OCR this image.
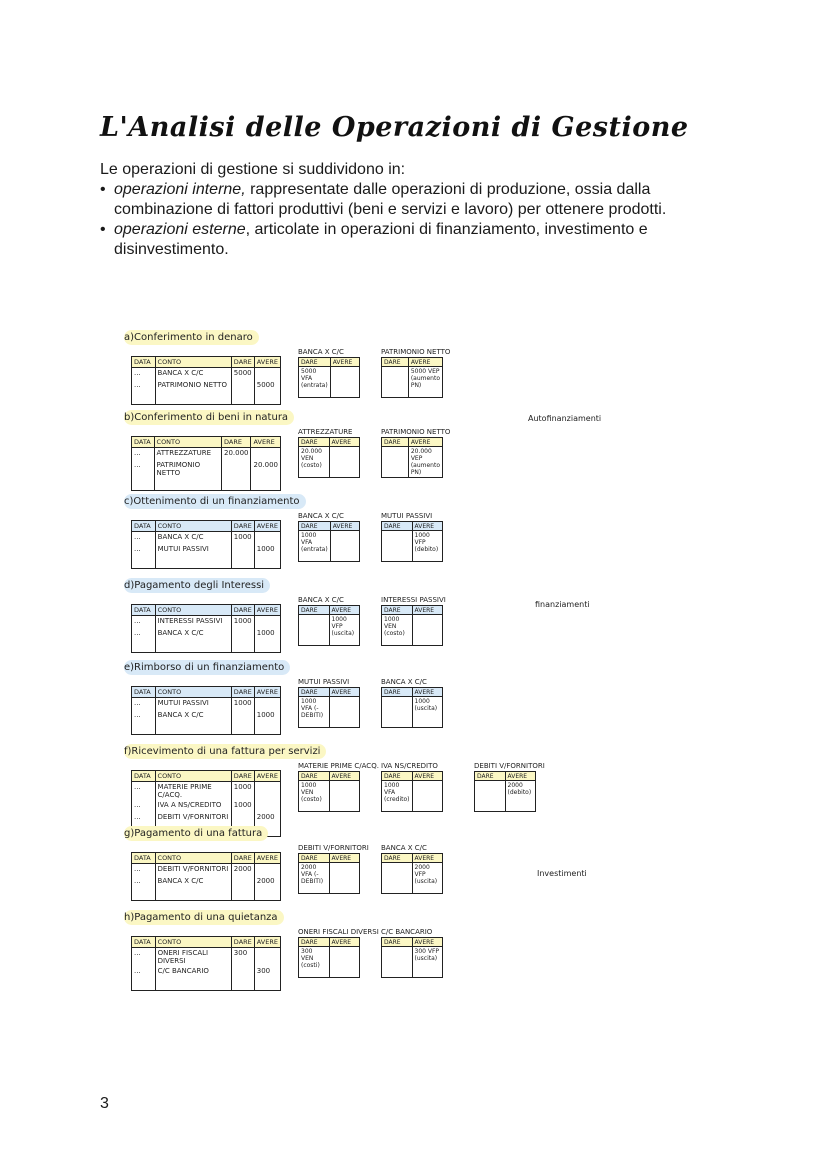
L'Analisi delle Operazioni di Gestione
Le operazioni di gestione si suddividono in:
• operazioni interne, rappresentate dalle operazioni di produzione, ossia dalla combinazione di fattori produttivi (beni e servizi e lavoro) per ottenere prodotti.
• operazioni esterne, articolate in operazioni di finanziamento, investimento e disinvestimento.
a)Conferimento in denaro
DATA	CONTO	DARE	AVERE
...	BANCA X C/C	5000	
...	PATRIMONIO NETTO		5000

BANCA X C/C
DARE	AVERE
5000 VFA (entrata)	
PATRIMONIO NETTO
DARE	AVERE
	5000 VEP (aumento PN)
b)Conferimento di beni in natura
DATA	CONTO	DARE	AVERE
...	ATTREZZATURE	20.000	
...	PATRIMONIO NETTO		20.000

ATTREZZATURE
DARE	AVERE
20.000 VEN (costo)	
PATRIMONIO NETTO
DARE	AVERE
	20.000 VEP (aumento PN)
c)Ottenimento di un finanziamento
DATA	CONTO	DARE	AVERE
...	BANCA X C/C	1000	
...	MUTUI PASSIVI		1000

BANCA X C/C
DARE	AVERE
1000 VFA (entrata)	
MUTUI PASSIVI
DARE	AVERE
	1000 VFP (debito)
d)Pagamento degli Interessi
DATA	CONTO	DARE	AVERE
...	INTERESSI PASSIVI	1000	
...	BANCA X C/C		1000

BANCA X C/C
DARE	AVERE
	1000 VFP (uscita)
INTERESSI PASSIVI
DARE	AVERE
1000 VEN (costo)	
e)Rimborso di un finanziamento
DATA	CONTO	DARE	AVERE
...	MUTUI PASSIVI	1000	
...	BANCA X C/C		1000

MUTUI PASSIVI
DARE	AVERE
1000 VFA (-DEBITI)	
BANCA X C/C
DARE	AVERE
	1000 (uscita)
f)Ricevimento di una fattura per servizi
DATA	CONTO	DARE	AVERE
...	MATERIE PRIME C/ACQ.	1000	
...	IVA A NS/CREDITO	1000	
...	DEBITI V/FORNITORI		2000

MATERIE PRIME C/ACQ.
DARE	AVERE
1000 VEN (costo)	
IVA NS/CREDITO
DARE	AVERE
1000 VFA (credito)	
DEBITI V/FORNITORI
DARE	AVERE
	2000 (debito)
g)Pagamento di una fattura
DATA	CONTO	DARE	AVERE
...	DEBITI V/FORNITORI	2000	
...	BANCA X C/C		2000

DEBITI V/FORNITORI
DARE	AVERE
2000 VFA (-DEBITI)	
BANCA X C/C
DARE	AVERE
	2000 VFP (uscita)
h)Pagamento di una quietanza
DATA	CONTO	DARE	AVERE
...	ONERI FISCALI DIVERSI	300	
...	C/C BANCARIO		300

ONERI FISCALI DIVERSI
DARE	AVERE
300 VEN (costi)	
C/C BANCARIO
DARE	AVERE
	300 VFP (uscita)
Autofinanziamenti
finanziamenti
Investimenti
3
